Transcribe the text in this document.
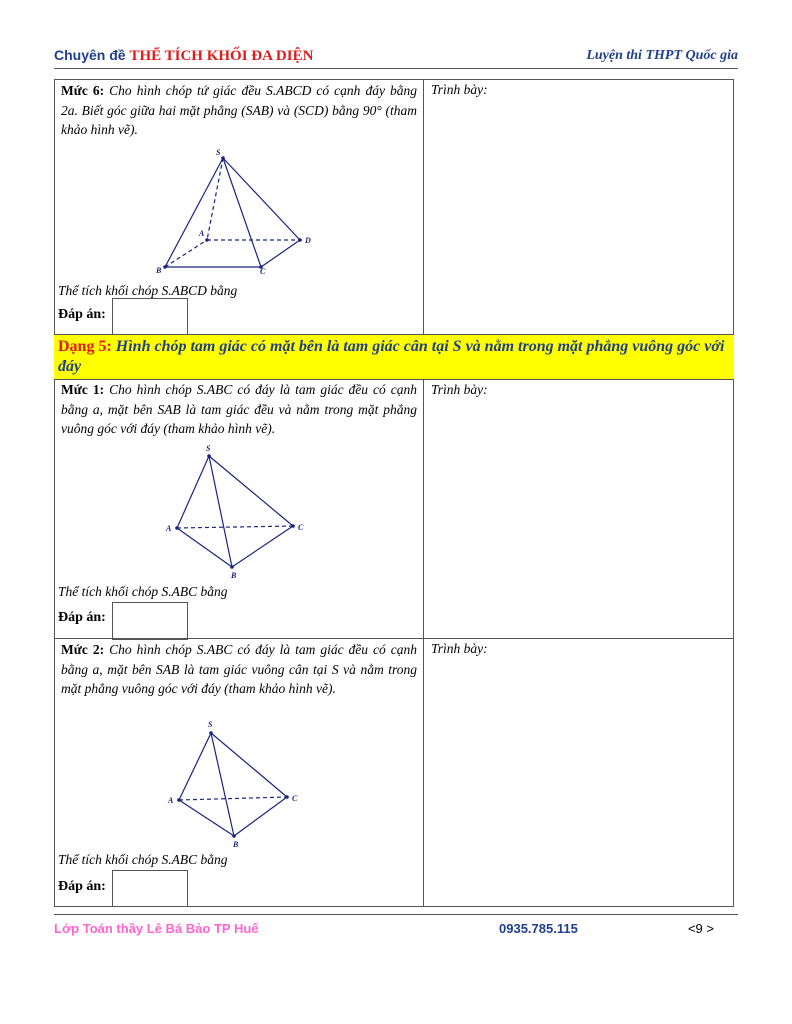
Chuyên đề THỂ TÍCH KHỐI ĐA DIỆN	Luyện thi THPT Quốc gia
Mức 6: Cho hình chóp tứ giác đều S.ABCD có cạnh đáy bằng 2a. Biết góc giữa hai mặt phẳng (SAB) và (SCD) bằng 90° (tham khảo hình vẽ).
S
B	C
D
A
Thể tích khối chóp S.ABCD bằng
Đáp án:
Trình bày:
Dạng 5: Hình chóp tam giác có mặt bên là tam giác cân tại S và nằm trong mặt phẳng vuông góc với đáy
Mức 1: Cho hình chóp S.ABC có đáy là tam giác đều có cạnh bằng a, mặt bên SAB là tam giác đều và nằm trong mặt phẳng vuông góc với đáy (tham khảo hình vẽ).
S
A
B
C
Thể tích khối chóp S.ABC bằng
Đáp án:
Trình bày:
Mức 2: Cho hình chóp S.ABC có đáy là tam giác đều có cạnh bằng a, mặt bên SAB là tam giác vuông cân tại S và nằm trong mặt phẳng vuông góc với đáy (tham khảo hình vẽ).
S
A
B
C
Thể tích khối chóp S.ABC bằng
Đáp án:
Trình bày:
Lớp Toán thầy Lê Bá Bảo TP Huế	0935.785.115	<9 >
